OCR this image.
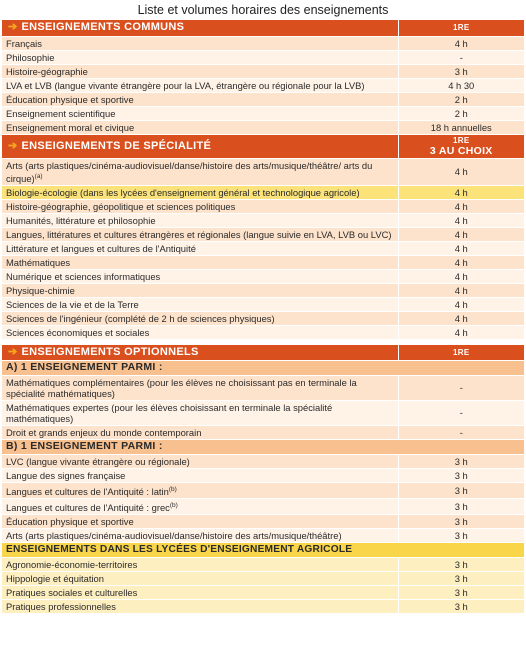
Liste et volumes horaires des enseignements
➔ ENSEIGNEMENTS COMMUNS	1RE

Français	4 h
Philosophie	-
Histoire-géographie	3 h
LVA et LVB (langue vivante étrangère pour la LVA, étrangère ou régionale pour la LVB)	4 h 30
Éducation physique et sportive	2 h
Enseignement scientifique	2 h
Enseignement moral et civique	18 h annuelles
➔ ENSEIGNEMENTS DE SPÉCIALITÉ	1RE
3 AU CHOIX

Arts (arts plastiques/cinéma-audiovisuel/danse/histoire des arts/musique/théâtre/ arts du cirque)$^{(a)}$	4 h
Biologie-écologie (dans les lycées d'enseignement général et technologique agricole)	4 h
Histoire-géographie, géopolitique et sciences politiques	4 h
Humanités, littérature et philosophie	4 h
Langues, littératures et cultures étrangères et régionales (langue suivie en LVA, LVB ou LVC)	4 h
Littérature et langues et cultures de l'Antiquité	4 h
Mathématiques	4 h
Numérique et sciences informatiques	4 h
Physique-chimie	4 h
Sciences de la vie et de la Terre	4 h
Sciences de l'ingénieur (complété de 2 h de sciences physiques)	4 h
Sciences économiques et sociales	4 h

➔ ENSEIGNEMENTS OPTIONNELS	1RE

A) 1 ENSEIGNEMENT PARMI :	
Mathématiques complémentaires (pour les élèves ne choisissant pas en terminale la spécialité mathématiques)	-
Mathématiques expertes (pour les élèves choisissant en terminale la spécialité mathématiques)	-
Droit et grands enjeux du monde contemporain	-
B) 1 ENSEIGNEMENT PARMI :	
LVC (langue vivante étrangère ou régionale)	3 h
Langue des signes française	3 h
Langues et cultures de l'Antiquité : latin$^{(b)}$	3 h
Langues et cultures de l'Antiquité : grec$^{(b)}$	3 h
Éducation physique et sportive	3 h
Arts (arts plastiques/cinéma-audiovisuel/danse/histoire des arts/musique/théâtre)	3 h
ENSEIGNEMENTS DANS LES LYCÉES D'ENSEIGNEMENT AGRICOLE	
Agronomie-économie-territoires	3 h
Hippologie et équitation	3 h
Pratiques sociales et culturelles	3 h
Pratiques professionnelles	3 h
